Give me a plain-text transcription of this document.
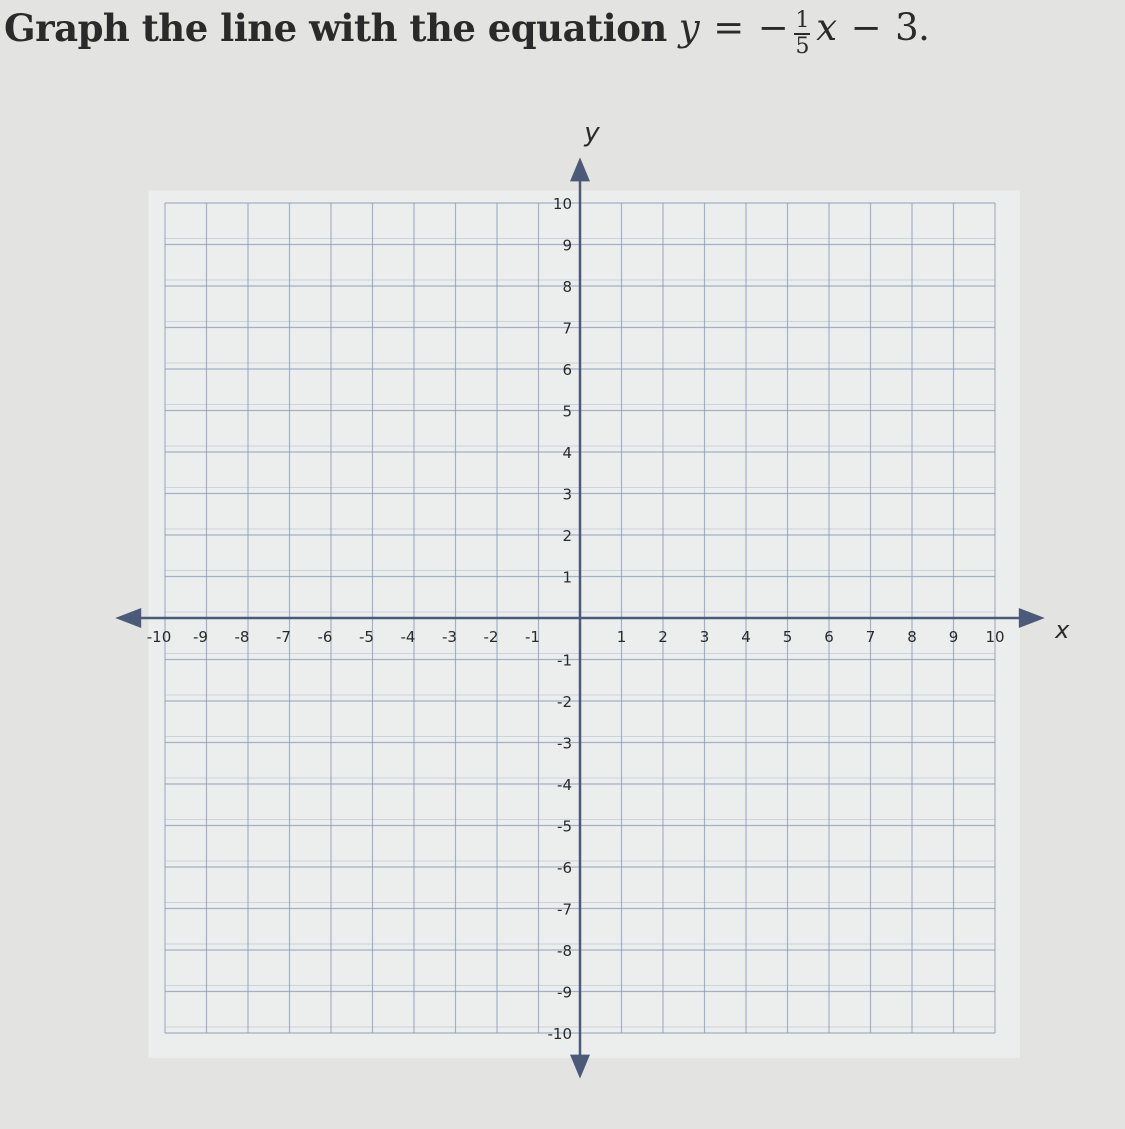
Graph the line with the equation y = − $\frac{1}{5}$ x − 3.
-10 -9 -8 -7 -6 -5 -4 -3 -2 -1	1 2 3 4 5 6 7 8 9 10
10
9
8
7
6
5
4
3
2
1
-1
-2
-3
-4
-5
-6
-7
-8
-9
-10
x
y
